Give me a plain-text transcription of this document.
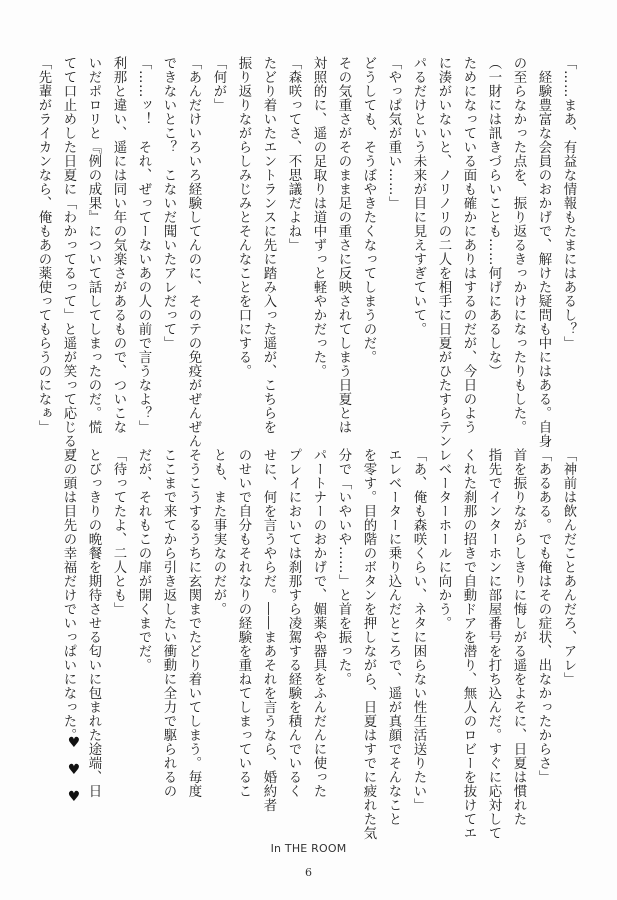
「……まあ、有益な情報もたまにはあるし？」
　経験豊富な会員のおかげで、解けた疑問も中にはある。自身
の至らなかった点を、振り返るきっかけになったりもした。
（一財には訊きづらいことも……何げにあるしな）
ためになっている面も確かにありはするのだが、今日のよう
に湊がいないと、ノリノリの二人を相手に日夏がひたすらテン
パるだけという未来が目に見えすぎていて。
「やっぱ気が重い……」
どうしても、そうぼやきたくなってしまうのだ。
その気重さがそのまま足の重さに反映されてしまう日夏とは
対照的に、遥の足取りは道中ずっと軽やかだった。
「森咲ってさ、不思議だよね」
たどり着いたエントランスに先に踏み入った遥が、こちらを
振り返りながらしみじみとそんなことを口にする。
「何が」
「あんだけいろいろ経験してんのに、そのテの免疫がぜんぜん
できないとこ？　こないだ聞いたアレだって」
「……ッ！　それ、ぜってーないあの人の前で言うなよ？」
利那と違い、遥には同い年の気楽さがあるもので、ついこな
いだポロリと『例の成果』について話してしまったのだ。慌
てて口止めした日夏に「わかってるって」と遥が笑って応じる。
「先輩がライカンなら、俺もあの薬使ってもらうのになぁ」
「神前は飲んだことあんだろ、アレ」
「あるある。でも俺はその症状、出なかったからさ」
首を振りながらしきりに悔しがる遥をよそに、日夏は慣れた
指先でインターホンに部屋番号を打ち込んだ。すぐに応対して
くれた刹那の招きで自動ドアを潜り、無人のロビーを抜けてエ
レベーターホールに向かう。
「あ、俺も森咲くらい、ネタに困らない性生活送りたい」
エレベーターに乗り込んだところで、遥が真顔でそんなこと
を零す。目的階のボタンを押しながら、日夏はすでに疲れた気
分で「いやいや……」と首を振った。
パートナーのおかげで、媚薬や器具をふんだんに使った
プレイにおいては刹那すら凌駕する経験を積んでいるく
せに、何を言うやらだ。――まあそれを言うなら、婚約者
のせいで自分もそれなりの経験を重ねてしまっているこ
とも、また事実なのだが。
そうこうするうちに玄関までたどり着いてしまう。毎度
ここまで来てから引き返したい衝動に全力で駆られるの
だが、それもこの扉が開くまでだ。
「待ってたよ、二人とも」
とびっきりの晩餐を期待させる匂いに包まれた途端、日
夏の頭は目先の幸福だけでいっぱいになった。
♥
♥
♥
In THE ROOM
6
